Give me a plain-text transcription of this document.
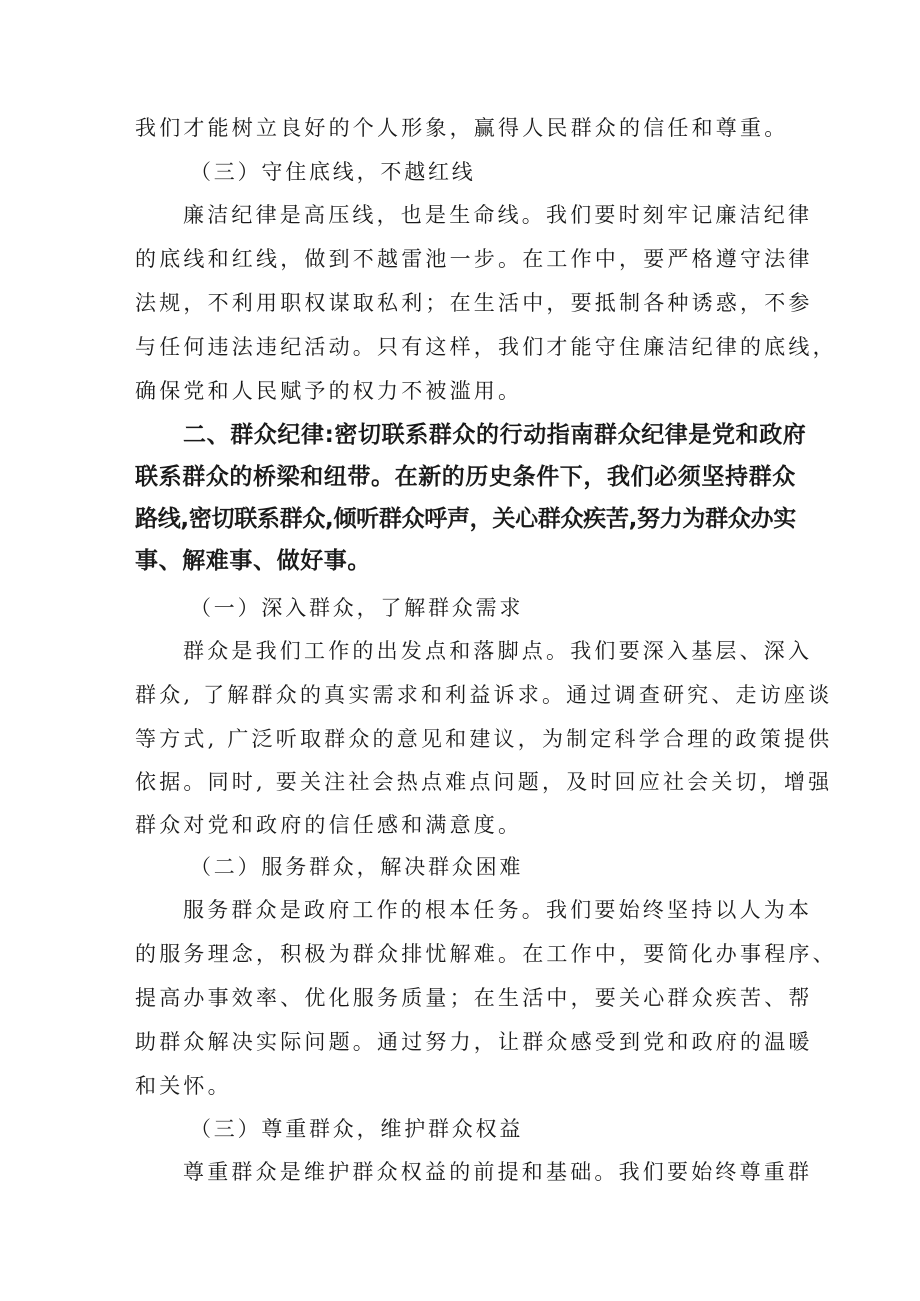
我们才能树立良好的个人形象，赢得人民群众的信任和尊重。
（三）守住底线，不越红线
廉洁纪律是高压线，也是生命线。我们要时刻牢记廉洁纪律
的底线和红线，做到不越雷池一步。在工作中，要严格遵守法律
法规，不利用职权谋取私利；在生活中，要抵制各种诱惑，不参
与任何违法违纪活动。只有这样，我们才能守住廉洁纪律的底线，
确保党和人民赋予的权力不被滥用。
二、群众纪律:密切联系群众的行动指南群众纪律是党和政府
联系群众的桥梁和纽带。在新的历史条件下，我们必须坚持群众
路线,密切联系群众,倾听群众呼声，关心群众疾苦,努力为群众办实
事、解难事、做好事。
（一）深入群众，了解群众需求
群众是我们工作的出发点和落脚点。我们要深入基层、深入
群众, 了解群众的真实需求和利益诉求。通过调查研究、走访座谈
等方式, 广泛听取群众的意见和建议，为制定科学合理的政策提供
依据。同时, 要关注社会热点难点问题，及时回应社会关切，增强
群众对党和政府的信任感和满意度。
（二）服务群众，解决群众困难
服务群众是政府工作的根本任务。我们要始终坚持以人为本
的服务理念，积极为群众排忧解难。在工作中，要简化办事程序、
提高办事效率、优化服务质量；在生活中，要关心群众疾苦、帮
助群众解决实际问题。通过努力，让群众感受到党和政府的温暖
和关怀。
（三）尊重群众，维护群众权益
尊重群众是维护群众权益的前提和基础。我们要始终尊重群
